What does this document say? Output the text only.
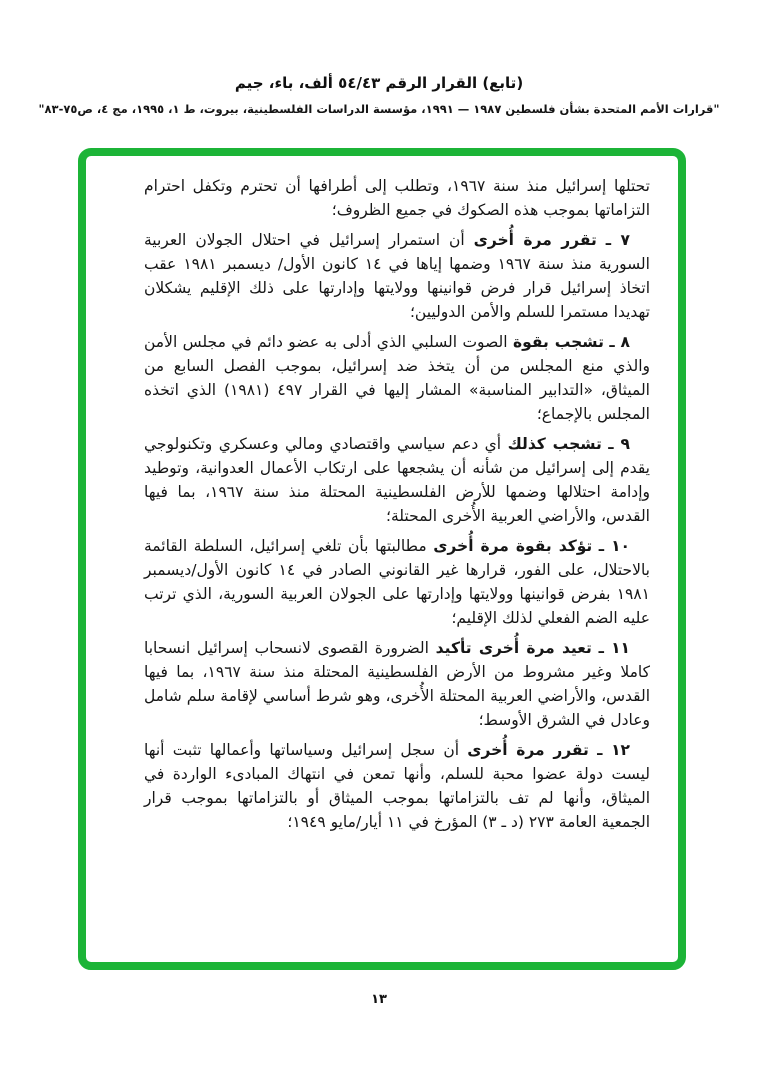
(تابع) القرار الرقم ٥٤/٤٣ ألف، باء، جيم
"قرارات الأمم المتحدة بشأن فلسطين ١٩٨٧ — ١٩٩١، مؤسسة الدراسات الفلسطينية، بيروت، ط ١، ١٩٩٥، مج ٤، ص٧٥-٨٣"

تحتلها إسرائيل منذ سنة ١٩٦٧، وتطلب إلى أطرافها أن تحترم وتكفل احترام التزاماتها بموجب هذه الصكوك في جميع الظروف؛

٧ ـ تقرر مرة أُخرى أن استمرار إسرائيل في احتلال الجولان العربية السورية منذ سنة ١٩٦٧ وضمها إياها في ١٤ كانون الأول/ ديسمبر ١٩٨١ عقب اتخاذ إسرائيل قرار فرض قوانينها وولايتها وإدارتها على ذلك الإقليم يشكلان تهديدا مستمرا للسلم والأمن الدوليين؛

٨ ـ تشجب بقوة الصوت السلبي الذي أدلى به عضو دائم في مجلس الأمن والذي منع المجلس من أن يتخذ ضد إسرائيل، بموجب الفصل السابع من الميثاق، «التدابير المناسبة» المشار إليها في القرار ٤٩٧ (١٩٨١) الذي اتخذه المجلس بالإجماع؛

٩ ـ تشجب كذلك أي دعم سياسي واقتصادي ومالي وعسكري وتكنولوجي يقدم إلى إسرائيل من شأنه أن يشجعها على ارتكاب الأعمال العدوانية، وتوطيد وإدامة احتلالها وضمها للأرض الفلسطينية المحتلة منذ سنة ١٩٦٧، بما فيها القدس، والأراضي العربية الأُخرى المحتلة؛

١٠ ـ تؤكد بقوة مرة أُخرى مطالبتها بأن تلغي إسرائيل، السلطة القائمة بالاحتلال، على الفور، قرارها غير القانوني الصادر في ١٤ كانون الأول/ديسمبر ١٩٨١ بفرض قوانينها وولايتها وإدارتها على الجولان العربية السورية، الذي ترتب عليه الضم الفعلي لذلك الإقليم؛

١١ ـ تعيد مرة أُخرى تأكيد الضرورة القصوى لانسحاب إسرائيل انسحابا كاملا وغير مشروط من الأرض الفلسطينية المحتلة منذ سنة ١٩٦٧، بما فيها القدس، والأراضي العربية المحتلة الأُخرى، وهو شرط أساسي لإقامة سلم شامل وعادل في الشرق الأوسط؛

١٢ ـ تقرر مرة أُخرى أن سجل إسرائيل وسياساتها وأعمالها تثبت أنها ليست دولة عضوا محبة للسلم، وأنها تمعن في انتهاك المبادىء الواردة في الميثاق، وأنها لم تف بالتزاماتها بموجب الميثاق أو بالتزاماتها بموجب قرار الجمعية العامة ٢٧٣ (د ـ ٣) المؤرخ في ١١ أيار/مايو ١٩٤٩؛

١٣
